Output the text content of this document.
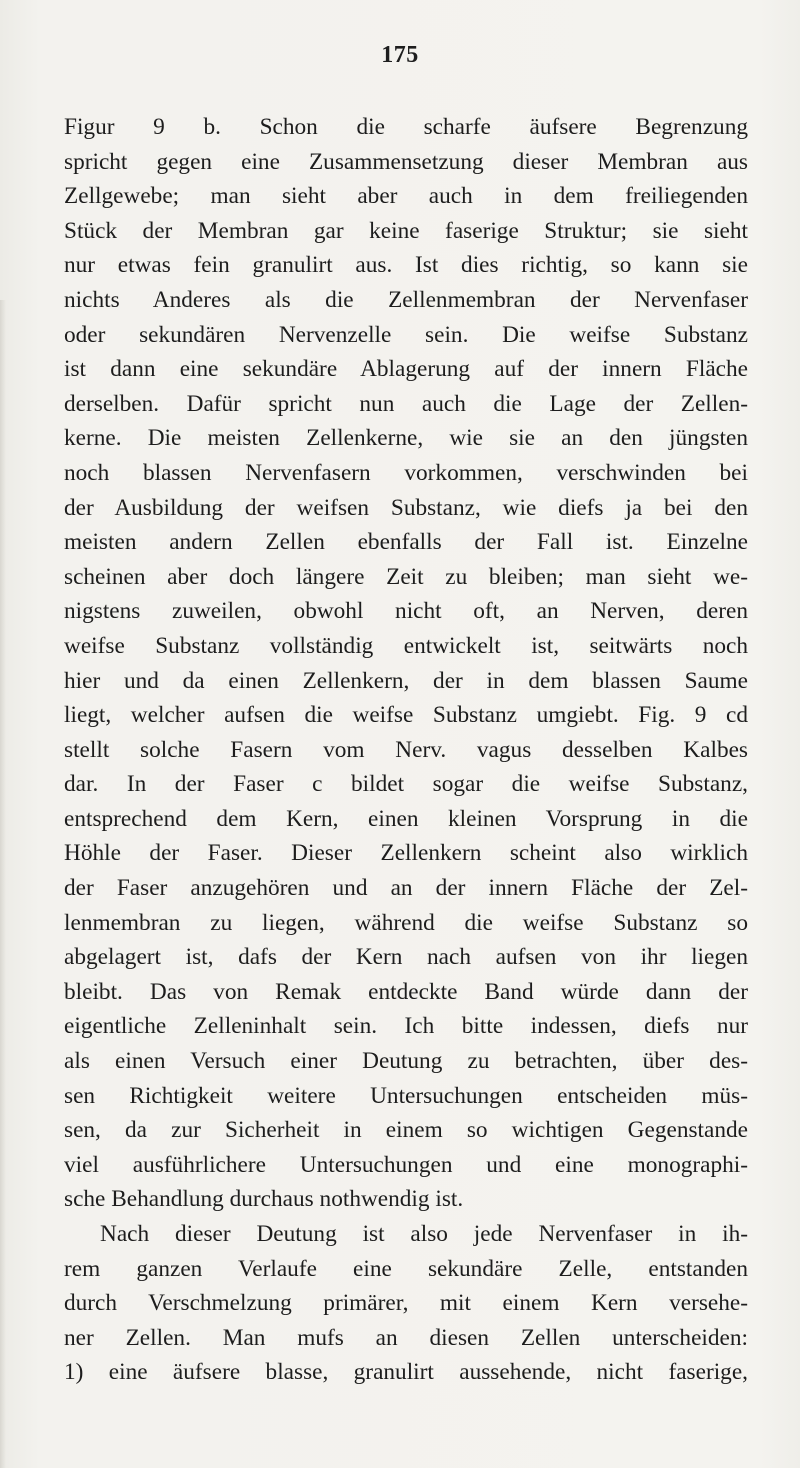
175
Figur 9 b. Schon die scharfe äufsere Begrenzung
spricht gegen eine Zusammensetzung dieser Membran aus
Zellgewebe; man sieht aber auch in dem freiliegenden
Stück der Membran gar keine faserige Struktur; sie sieht
nur etwas fein granulirt aus. Ist dies richtig, so kann sie
nichts Anderes als die Zellenmembran der Nervenfaser
oder sekundären Nervenzelle sein. Die weifse Substanz
ist dann eine sekundäre Ablagerung auf der innern Fläche
derselben. Dafür spricht nun auch die Lage der Zellen-
kerne. Die meisten Zellenkerne, wie sie an den jüngsten
noch blassen Nervenfasern vorkommen, verschwinden bei
der Ausbildung der weifsen Substanz, wie diefs ja bei den
meisten andern Zellen ebenfalls der Fall ist. Einzelne
scheinen aber doch längere Zeit zu bleiben; man sieht we-
nigstens zuweilen, obwohl nicht oft, an Nerven, deren
weifse Substanz vollständig entwickelt ist, seitwärts noch
hier und da einen Zellenkern, der in dem blassen Saume
liegt, welcher aufsen die weifse Substanz umgiebt. Fig. 9 cd
stellt solche Fasern vom Nerv. vagus desselben Kalbes
dar. In der Faser c bildet sogar die weifse Substanz,
entsprechend dem Kern, einen kleinen Vorsprung in die
Höhle der Faser. Dieser Zellenkern scheint also wirklich
der Faser anzugehören und an der innern Fläche der Zel-
lenmembran zu liegen, während die weifse Substanz so
abgelagert ist, dafs der Kern nach aufsen von ihr liegen
bleibt. Das von Remak entdeckte Band würde dann der
eigentliche Zelleninhalt sein. Ich bitte indessen, diefs nur
als einen Versuch einer Deutung zu betrachten, über des-
sen Richtigkeit weitere Untersuchungen entscheiden müs-
sen, da zur Sicherheit in einem so wichtigen Gegenstande
viel ausführlichere Untersuchungen und eine monographi-
sche Behandlung durchaus nothwendig ist.
Nach dieser Deutung ist also jede Nervenfaser in ih-
rem ganzen Verlaufe eine sekundäre Zelle, entstanden
durch Verschmelzung primärer, mit einem Kern versehe-
ner Zellen. Man mufs an diesen Zellen unterscheiden:
1) eine äufsere blasse, granulirt aussehende, nicht faserige,
